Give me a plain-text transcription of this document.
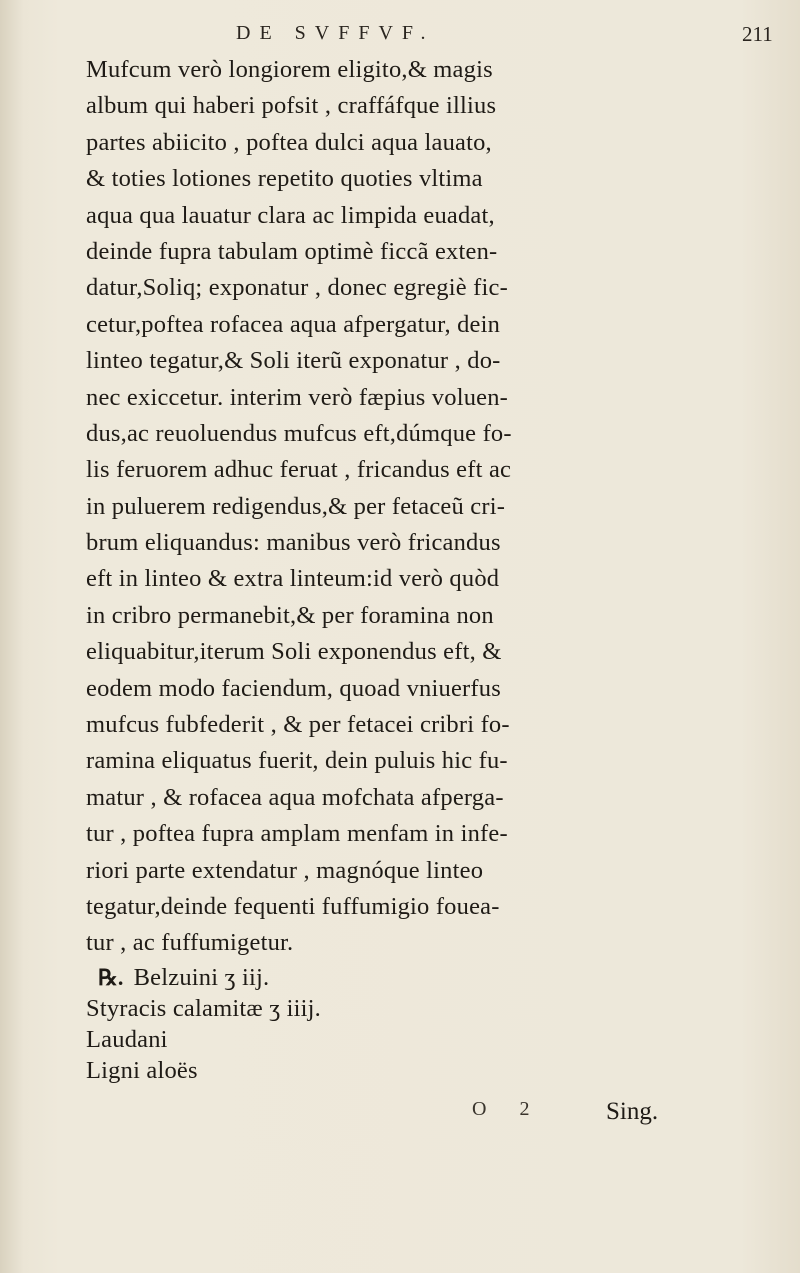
DE SVFFVF.	211
Mufcum verò longiorem eligito,& magis
album qui haberi pofsit , craffáfque illius
partes abiicito , poftea dulci aqua lauato,
& toties lotiones repetito quoties vltima
aqua qua lauatur clara ac limpida euadat,
deinde fupra tabulam optimè ficcã exten-
datur,Soliq; exponatur , donec egregiè fic-
cetur,poftea rofacea aqua afpergatur, dein
linteo tegatur,& Soli iterũ exponatur , do-
nec exiccetur. interim verò fæpius voluen-
dus,ac reuoluendus mufcus eft,dúmque fo-
lis feruorem adhuc feruat , fricandus eft ac
in puluerem redigendus,& per fetaceũ cri-
brum eliquandus: manibus verò fricandus
eft in linteo & extra linteum:id verò quòd
in cribro permanebit,& per foramina non
eliquabitur,iterum Soli exponendus eft, &
eodem modo faciendum, quoad vniuerfus
mufcus fubfederit , & per fetacei cribri fo-
ramina eliquatus fuerit, dein puluis hic fu-
matur , & rofacea aqua mofchata afperga-
tur , poftea fupra amplam menfam in infe-
riori parte extendatur , magnóque linteo
tegatur,deinde fequenti fuffumigio fouea-
tur , ac fuffumigetur.
℞. Belzuini ʒ iij.
Styracis calamitæ ʒ iiij.
Laudani
Ligni aloës
O 2	Sing.
